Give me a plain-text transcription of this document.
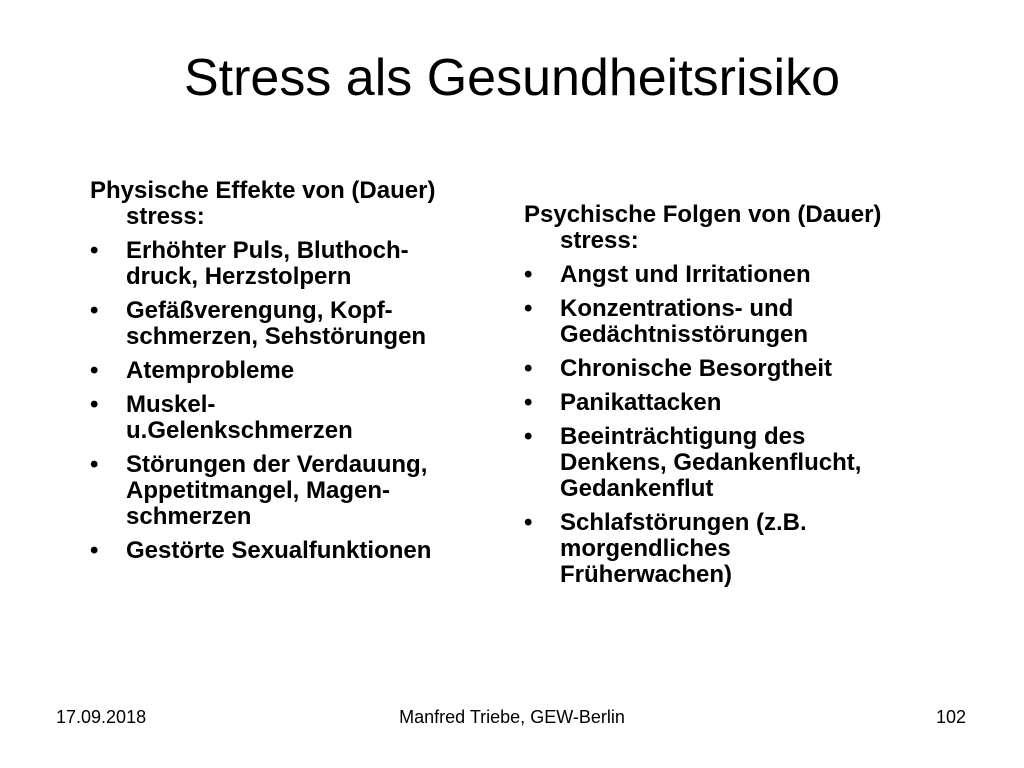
Stress als Gesundheitsrisiko

Physische Effekte von (Dauer) stress:

• Erhöhter Puls, Bluthoch-
druck, Herzstolpern
• Gefäßverengung, Kopf-
schmerzen, Sehstörungen
• Atemprobleme
• Muskel-
u.Gelenkschmerzen
• Störungen der Verdauung,
Appetitmangel, Magen-
schmerzen
• Gestörte Sexualfunktionen

Psychische Folgen von (Dauer) stress:

• Angst und Irritationen
• Konzentrations- und
Gedächtnisstörungen
• Chronische Besorgtheit
• Panikattacken
• Beeinträchtigung des
Denkens, Gedankenflucht,
Gedankenflut
• Schlafstörungen (z.B.
morgendliches
Früherwachen)
17.09.2018	Manfred Triebe, GEW-Berlin	102
